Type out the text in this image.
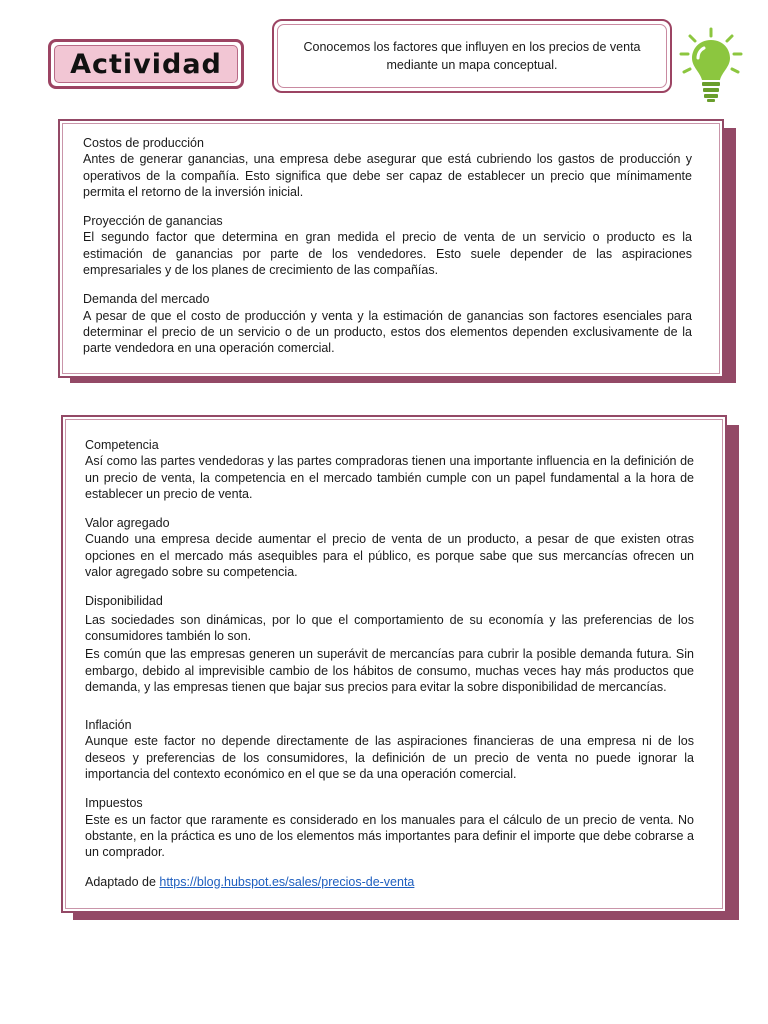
Actividad
Conocemos los factores que influyen en los precios de venta mediante un mapa conceptual.

Costos de producción

Antes de generar ganancias, una empresa debe asegurar que está cubriendo los gastos de producción y operativos de la compañía. Esto significa que debe ser capaz de establecer un precio que mínimamente permita el retorno de la inversión inicial.

Proyección de ganancias

El segundo factor que determina en gran medida el precio de venta de un servicio o producto es la estimación de ganancias por parte de los vendedores. Esto suele depender de las aspiraciones empresariales y de los planes de crecimiento de las compañías.

Demanda del mercado

A pesar de que el costo de producción y venta y la estimación de ganancias son factores esenciales para determinar el precio de un servicio o de un producto, estos dos elementos dependen exclusivamente de la parte vendedora en una operación comercial.

Competencia

Así como las partes vendedoras y las partes compradoras tienen una importante influencia en la definición de un precio de venta, la competencia en el mercado también cumple con un papel fundamental a la hora de establecer un precio de venta.

Valor agregado

Cuando una empresa decide aumentar el precio de venta de un producto, a pesar de que existen otras opciones en el mercado más asequibles para el público, es porque sabe que sus mercancías ofrecen un valor agregado sobre su competencia.

Disponibilidad

Las sociedades son dinámicas, por lo que el comportamiento de su economía y las preferencias de los consumidores también lo son.

Es común que las empresas generen un superávit de mercancías para cubrir la posible demanda futura. Sin embargo, debido al imprevisible cambio de los hábitos de consumo, muchas veces hay más productos que demanda, y las empresas tienen que bajar sus precios para evitar la sobre disponibilidad de mercancías.

Inflación

Aunque este factor no depende directamente de las aspiraciones financieras de una empresa ni de los deseos y preferencias de los consumidores, la definición de un precio de venta no puede ignorar la importancia del contexto económico en el que se da una operación comercial.

Impuestos

Este es un factor que raramente es considerado en los manuales para el cálculo de un precio de venta. No obstante, en la práctica es uno de los elementos más importantes para definir el importe que debe cobrarse a un comprador.

Adaptado de https://blog.hubspot.es/sales/precios-de-venta
